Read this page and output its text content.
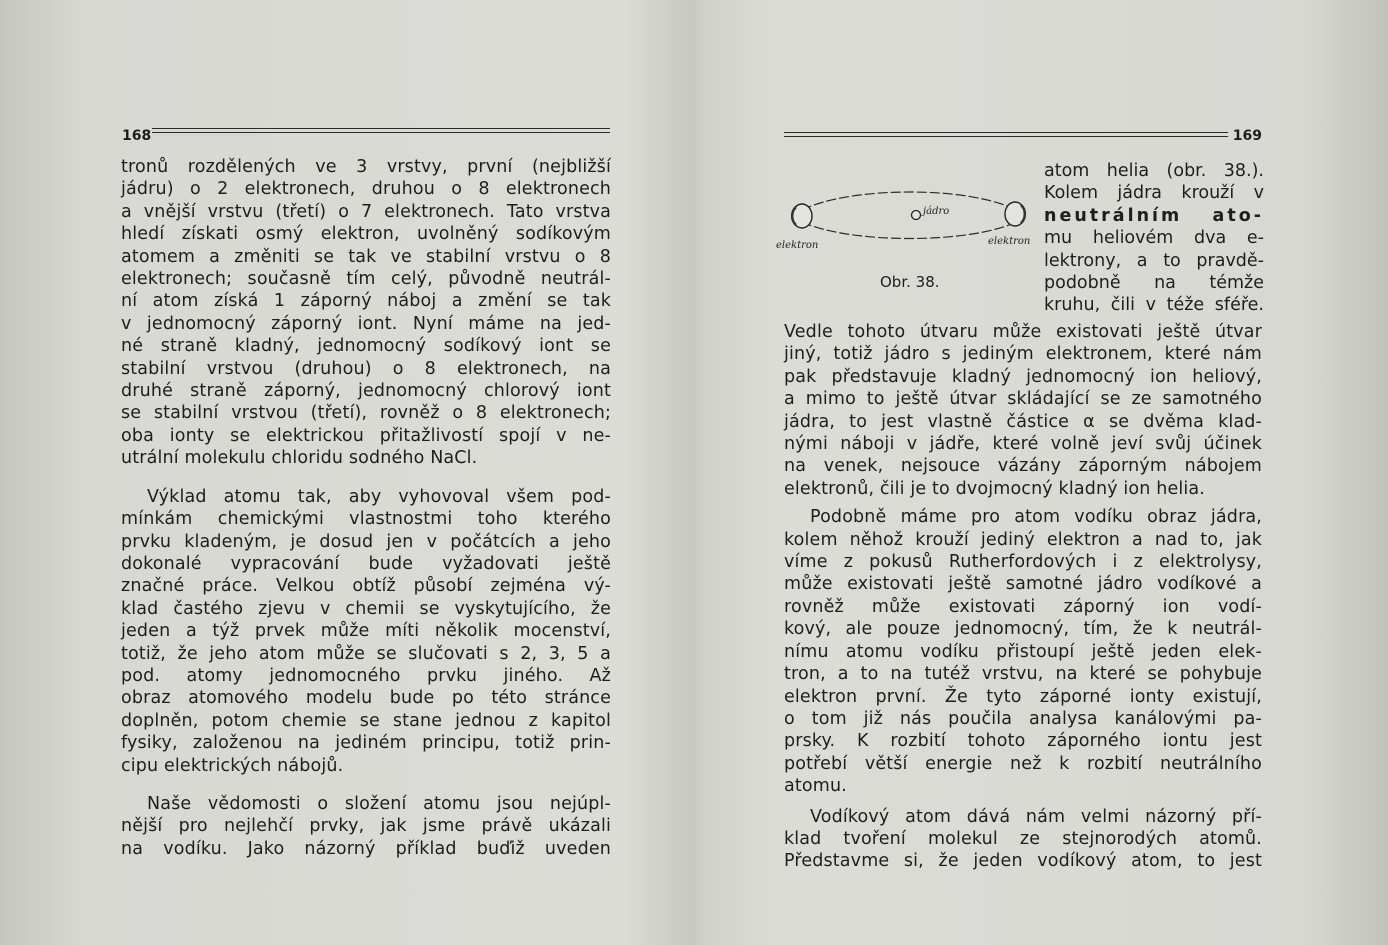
168
tronů rozdělených ve 3 vrstvy, první (nejbližší
jádru) o 2 elektronech, druhou o 8 elektronech
a vnější vrstvu (třetí) o 7 elektronech. Tato vrstva
hledí získati osmý elektron, uvolněný sodíkovým
atomem a změniti se tak ve stabilní vrstvu o 8
elektronech; současně tím celý, původně neutrál-
ní atom získá 1 záporný náboj a změní se tak
v jednomocný záporný iont. Nyní máme na jed-
né straně kladný, jednomocný sodíkový iont se
stabilní vrstvou (druhou) o 8 elektronech, na
druhé straně záporný, jednomocný chlorový iont
se stabilní vrstvou (třetí), rovněž o 8 elektronech;
oba ionty se elektrickou přitažlivostí spojí v ne-
utrální molekulu chloridu sodného NaCl.
Výklad atomu tak, aby vyhovoval všem pod-
mínkám chemickými vlastnostmi toho kterého
prvku kladeným, je dosud jen v počátcích a jeho
dokonalé vypracování bude vyžadovati ještě
značné práce. Velkou obtíž působí zejména vý-
klad častého zjevu v chemii se vyskytujícího, že
jeden a týž prvek může míti několik mocenství,
totiž, že jeho atom může se slučovati s 2, 3, 5 a
pod. atomy jednomocného prvku jiného. Až
obraz atomového modelu bude po této stránce
doplněn, potom chemie se stane jednou z kapitol
fysiky, založenou na jediném principu, totiž prin-
cipu elektrických nábojů.
Naše vědomosti o složení atomu jsou nejúpl-
nější pro nejlehčí prvky, jak jsme právě ukázali
na vodíku. Jako názorný příklad buďiž uveden
169
jádro
elektron	elektron
Obr. 38.
atom helia (obr. 38.).
Kolem jádra krouží v
neutrálním ato-
mu heliovém dva e-
lektrony, a to pravdě-
podobně na témže
kruhu, čili v téže sféře.
Vedle tohoto útvaru může existovati ještě útvar
jiný, totiž jádro s jediným elektronem, které nám
pak představuje kladný jednomocný ion heliový,
a mimo to ještě útvar skládající se ze samotného
jádra, to jest vlastně částice α se dvěma klad-
nými náboji v jádře, které volně jeví svůj účinek
na venek, nejsouce vázány záporným nábojem
elektronů, čili je to dvojmocný kladný ion helia.
Podobně máme pro atom vodíku obraz jádra,
kolem něhož krouží jediný elektron a nad to, jak
víme z pokusů Rutherfordových i z elektrolysy,
může existovati ještě samotné jádro vodíkové a
rovněž může existovati záporný ion vodí-
kový, ale pouze jednomocný, tím, že k neutrál-
nímu atomu vodíku přistoupí ještě jeden elek-
tron, a to na tutéž vrstvu, na které se pohybuje
elektron první. Že tyto záporné ionty existují,
o tom již nás poučila analysa kanálovými pa-
prsky. K rozbití tohoto záporného iontu jest
potřebí větší energie než k rozbití neutrálního
atomu.
Vodíkový atom dává nám velmi názorný pří-
klad tvoření molekul ze stejnorodých atomů.
Představme si, že jeden vodíkový atom, to jest
